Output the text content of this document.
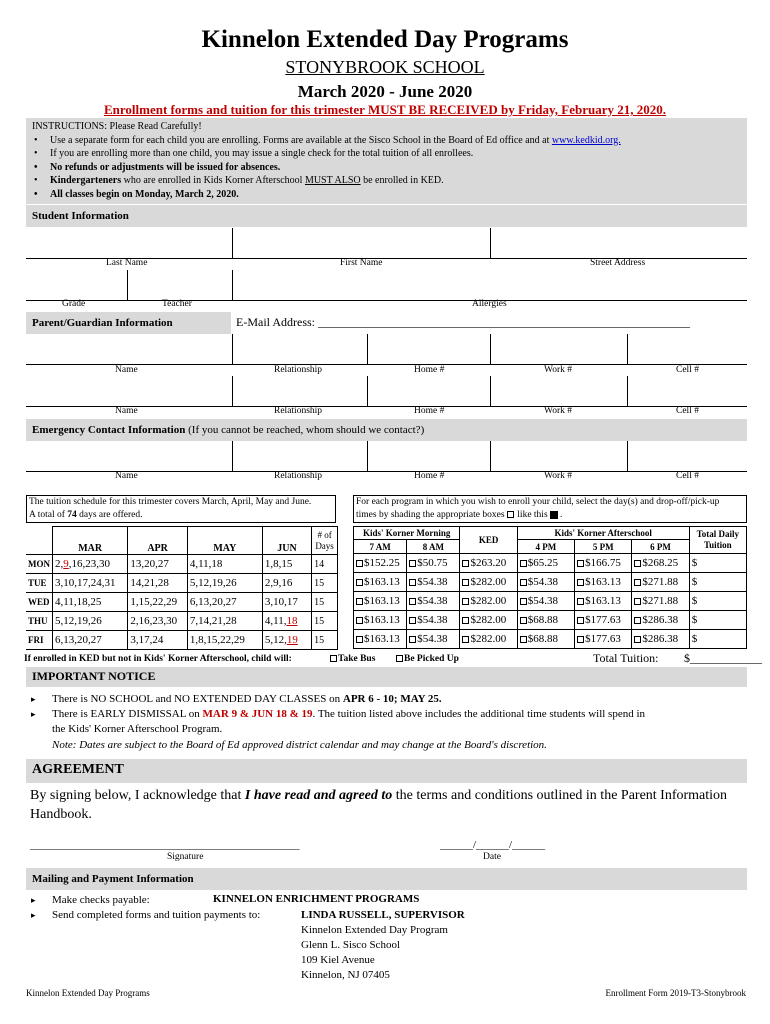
Kinnelon Extended Day Programs
STONYBROOK SCHOOL
March 2020 - June 2020
Enrollment forms and tuition for this trimester MUST BE RECEIVED by Friday, February 21, 2020.
INSTRUCTIONS: Please Read Carefully!
• Use a separate form for each child you are enrolling. Forms are available at the Sisco School in the Board of Ed office and at www.kedkid.org.
• If you are enrolling more than one child, you may issue a single check for the total tuition of all enrollees.
• No refunds or adjustments will be issued for absences.
• Kindergarteners who are enrolled in Kids Korner Afterschool MUST ALSO be enrolled in KED.
• All classes begin on Monday, March 2, 2020.
Student Information
Last Name	First Name	Street Address
Grade	Teacher	Allergies
Parent/Guardian Information	E-Mail Address: ______________________________________________________________
Name	Relationship	Home #	Work #	Cell #
Name	Relationship	Home #	Work #	Cell #
Emergency Contact Information (If you cannot be reached, whom should we contact?)
Name	Relationship	Home #	Work #	Cell #
The tuition schedule for this trimester covers March, April, May and June.
A total of 74 days are offered.
For each program in which you wish to enroll your child, select the day(s) and drop-off/pick-up
times by shading the appropriate boxes like this .
	MAR	APR	MAY	JUN	# of
Days

MON	2,9,16,23,30	13,20,27	4,11,18	1,8,15	14
TUE	3,10,17,24,31	14,21,28	5,12,19,26	2,9,16	15
WED	4,11,18,25	1,15,22,29	6,13,20,27	3,10,17	15
THU	5,12,19,26	2,16,23,30	7,14,21,28	4,11,18	15
FRI	6,13,20,27	3,17,24	1,8,15,22,29	5,12,19	15
Kids' Korner Morning		KED	Kids' Korner Afterschool			Total Daily
Tuition

7 AM	8 AM		4 PM	5 PM	6 PM	
$152.25	$50.75	$263.20	$65.25	$166.75	$268.25	$
$163.13	$54.38	$282.00	$54.38	$163.13	$271.88	$
$163.13	$54.38	$282.00	$54.38	$163.13	$271.88	$
$163.13	$54.38	$282.00	$68.88	$177.63	$286.38	$
$163.13	$54.38	$282.00	$68.88	$177.63	$286.38	$
If enrolled in KED but not in Kids' Korner Afterschool, child will:	Take Bus	Be Picked Up	Total Tuition: $____________
IMPORTANT NOTICE
▸ There is NO SCHOOL and NO EXTENDED DAY CLASSES on APR 6 - 10; MAY 25.
▸ There is EARLY DISMISSAL on MAR 9 & JUN 18 & 19. The tuition listed above includes the additional time students will spend in
the Kids' Korner Afterschool Program.
Note: Dates are subject to the Board of Ed approved district calendar and may change at the Board's discretion.
AGREEMENT
By signing below, I acknowledge that I have read and agreed to the terms and conditions outlined in the Parent Information
Handbook.
_________________________________________________	______/______/______
Signature	Date
Mailing and Payment Information
▸ Make checks payable:
▸ Send completed forms and tuition payments to:
KINNELON ENRICHMENT PROGRAMS
LINDA RUSSELL, SUPERVISOR
Kinnelon Extended Day Program
Glenn L. Sisco School
109 Kiel Avenue
Kinnelon, NJ 07405
Kinnelon Extended Day Programs	Enrollment Form 2019-T3-Stonybrook
